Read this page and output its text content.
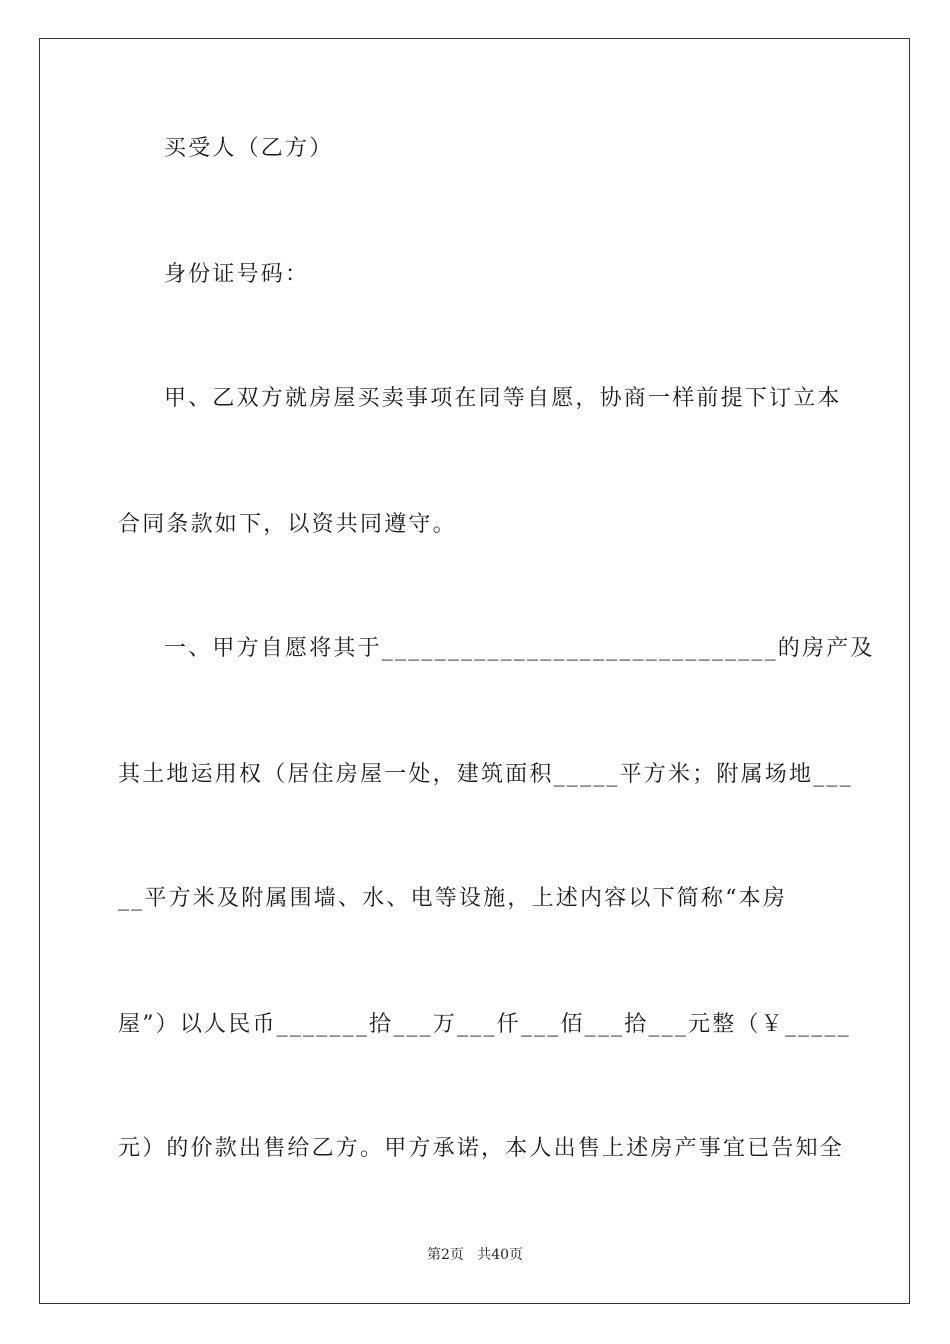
买受人（乙方）
身份证号码：
甲、乙双方就房屋买卖事项在同等自愿，协商一样前提下订立本
合同条款如下，以资共同遵守。
一、甲方自愿将其于______________________________的房产及
其土地运用权（居住房屋一处，建筑面积_____平方米；附属场地___
__平方米及附属围墙、水、电等设施，上述内容以下简称“本房
屋”）以人民币_______拾___万___仟___佰___拾___元整（￥_____
元）的价款出售给乙方。甲方承诺，本人出售上述房产事宜已告知全
第2页 共40页
